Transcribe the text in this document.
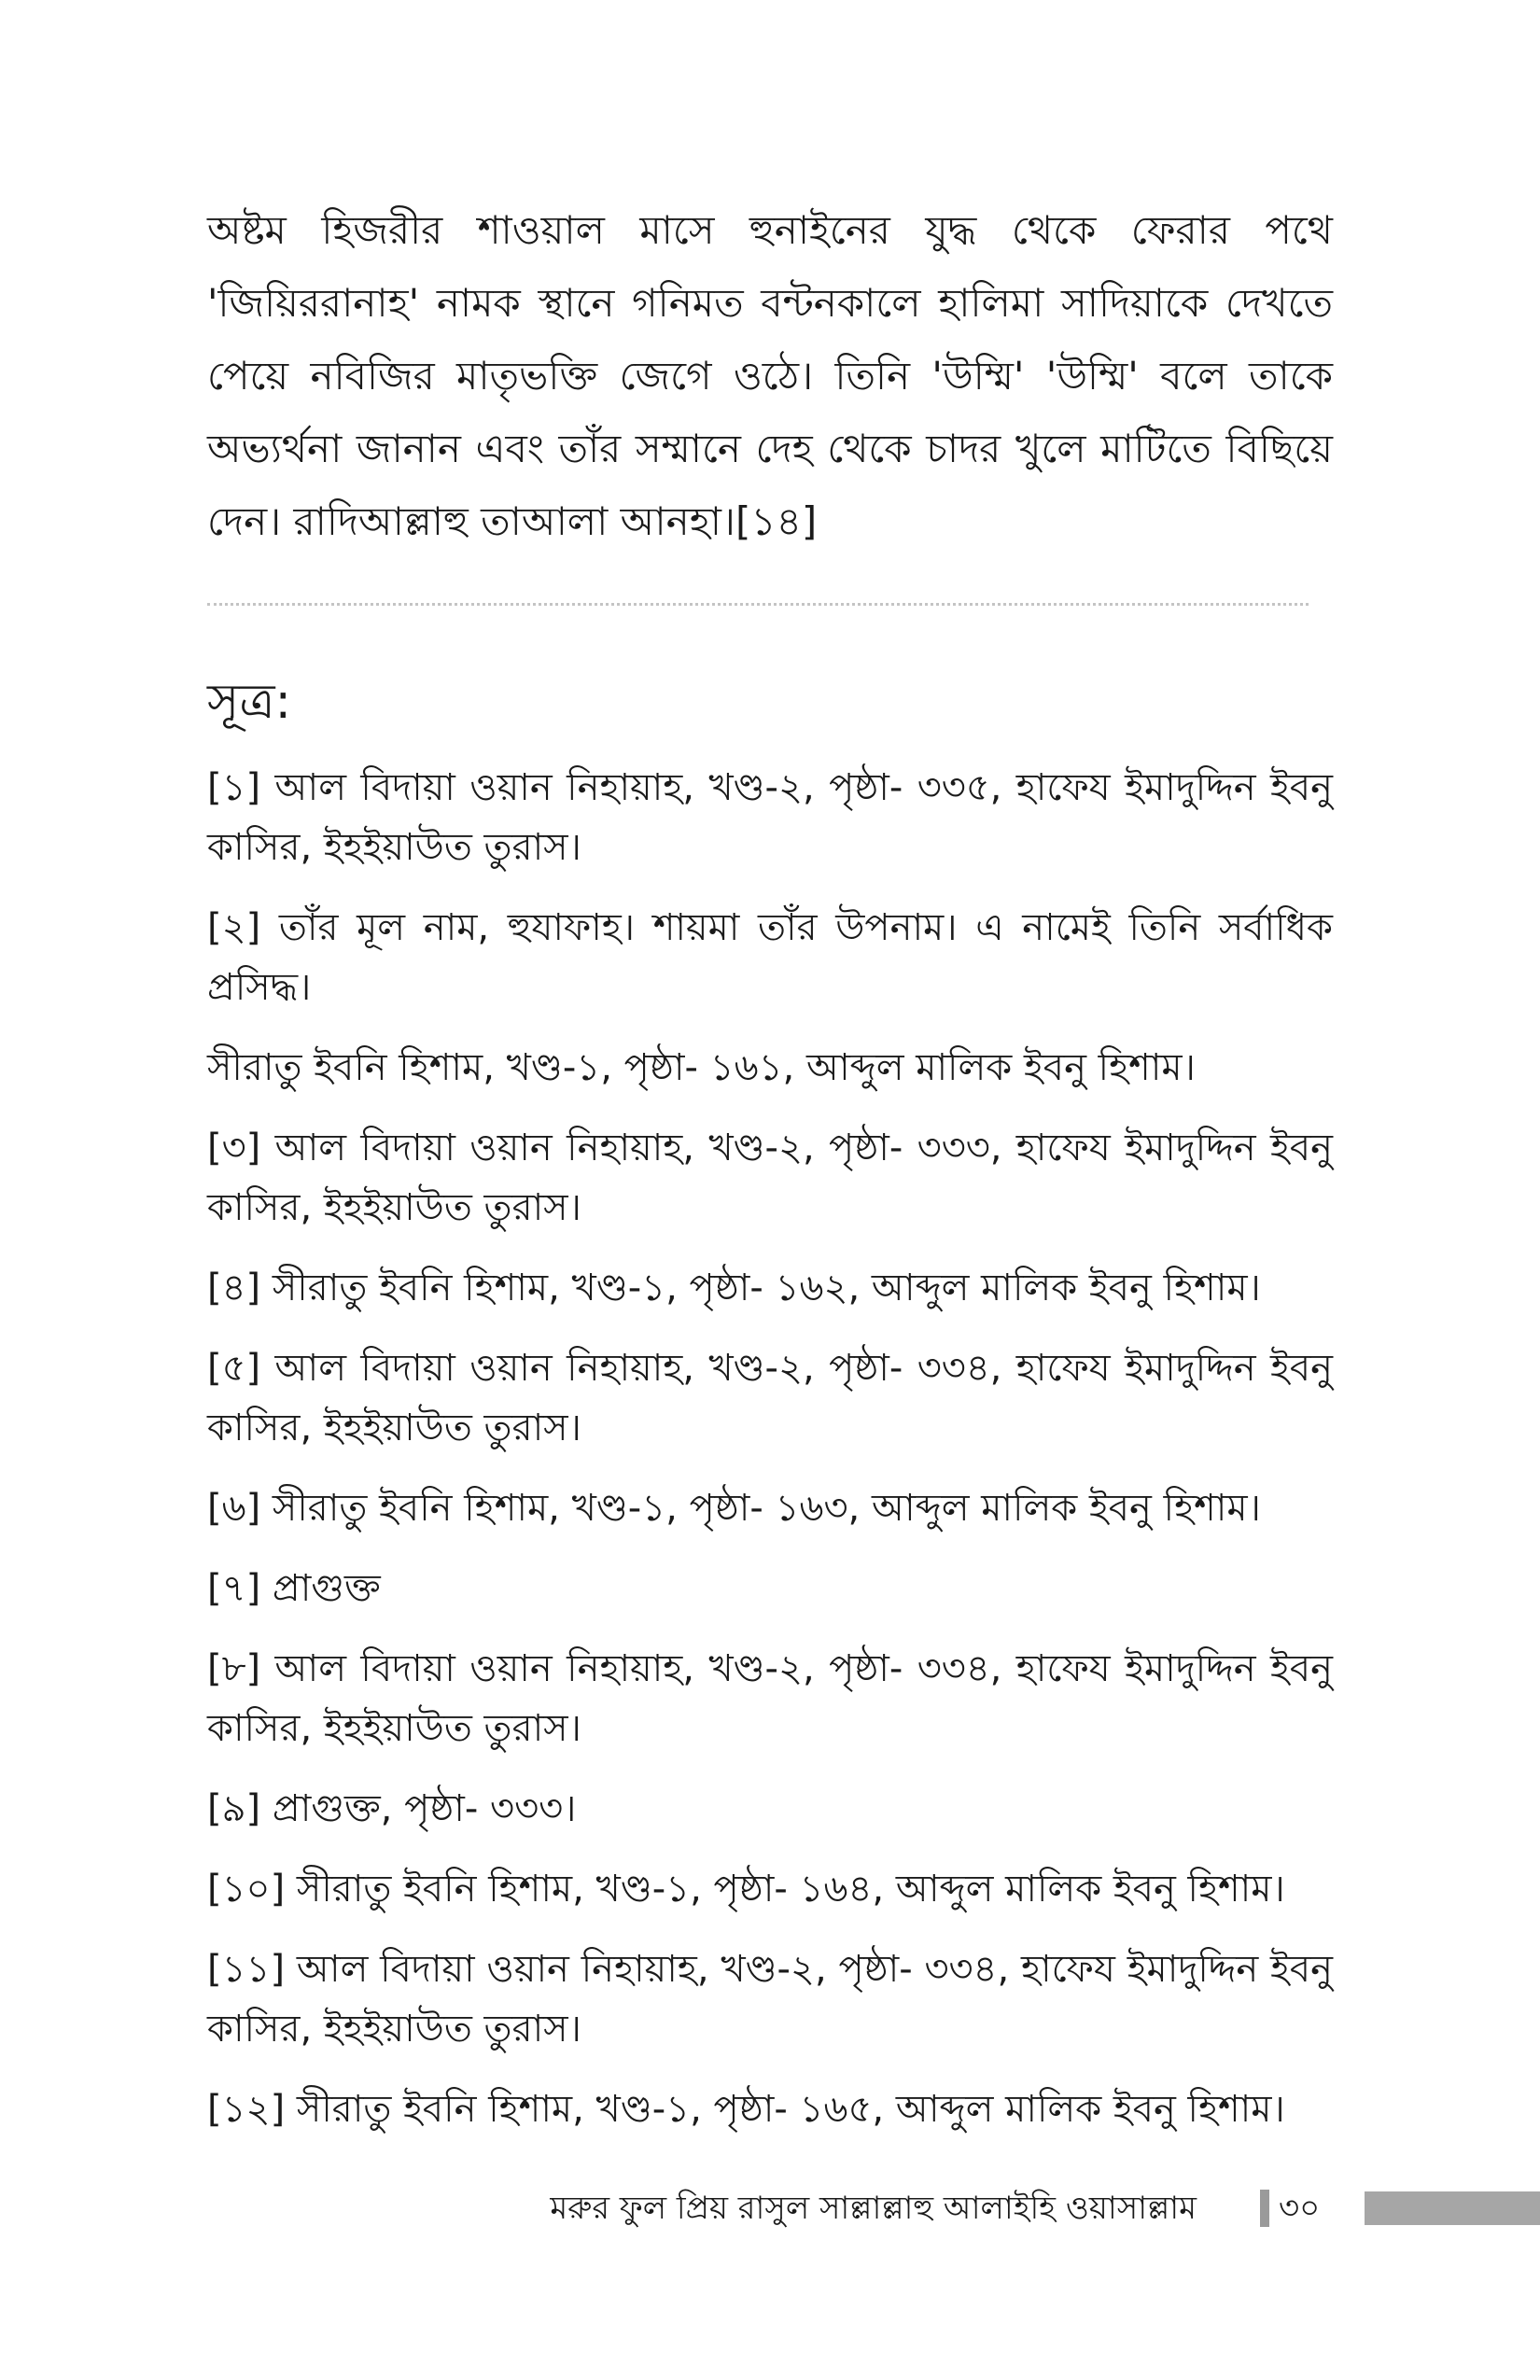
অষ্টম হিজরীর শাওয়াল মাসে হুনাইনের যুদ্ধ থেকে ফেরার পথে 'জিয়িররানাহ' নামক স্থানে গনিমত বন্টনকালে হালিমা সাদিয়াকে দেখতে পেয়ে নবিজির মাতৃভক্তি জেগে ওঠে। তিনি 'উম্মি' 'উম্মি' বলে তাকে অভ্যর্থনা জানান এবং তাঁর সম্মানে দেহ থেকে চাদর খুলে মাটিতে বিছিয়ে দেন। রাদিআল্লাহু তাআলা আনহা।[১৪]

সূত্র:
[১] আল বিদায়া ওয়ান নিহায়াহ, খণ্ড-২, পৃষ্ঠা- ৩৩৫, হাফেয ইমাদুদ্দিন ইবনু কাসির, ইহইয়াউত তুরাস।
[২] তাঁর মূল নাম, হুযাফাহ। শায়মা তাঁর উপনাম। এ নামেই তিনি সর্বাধিক প্রসিদ্ধ।
সীরাতু ইবনি হিশাম, খণ্ড-১, পৃষ্ঠা- ১৬১, আব্দুল মালিক ইবনু হিশাম।
[৩] আল বিদায়া ওয়ান নিহায়াহ, খণ্ড-২, পৃষ্ঠা- ৩৩৩, হাফেয ইমাদুদ্দিন ইবনু কাসির, ইহইয়াউত তুরাস।
[৪] সীরাতু ইবনি হিশাম, খণ্ড-১, পৃষ্ঠা- ১৬২, আব্দুল মালিক ইবনু হিশাম।
[৫] আল বিদায়া ওয়ান নিহায়াহ, খণ্ড-২, পৃষ্ঠা- ৩৩৪, হাফেয ইমাদুদ্দিন ইবনু কাসির, ইহইয়াউত তুরাস।
[৬] সীরাতু ইবনি হিশাম, খণ্ড-১, পৃষ্ঠা- ১৬৩, আব্দুল মালিক ইবনু হিশাম।
[৭] প্রাগুক্ত
[৮] আল বিদায়া ওয়ান নিহায়াহ, খণ্ড-২, পৃষ্ঠা- ৩৩৪, হাফেয ইমাদুদ্দিন ইবনু কাসির, ইহইয়াউত তুরাস।
[৯] প্রাগুক্ত, পৃষ্ঠা- ৩৩৩।
[১০] সীরাতু ইবনি হিশাম, খণ্ড-১, পৃষ্ঠা- ১৬৪, আব্দুল মালিক ইবনু হিশাম।
[১১] আল বিদায়া ওয়ান নিহায়াহ, খণ্ড-২, পৃষ্ঠা- ৩৩৪, হাফেয ইমাদুদ্দিন ইবনু কাসির, ইহইয়াউত তুরাস।
[১২] সীরাতু ইবনি হিশাম, খণ্ড-১, পৃষ্ঠা- ১৬৫, আব্দুল মালিক ইবনু হিশাম।
মরুর ফুল প্রিয় রাসুল সাল্লাল্লাহু আলাইহি ওয়াসাল্লাম	৩০
